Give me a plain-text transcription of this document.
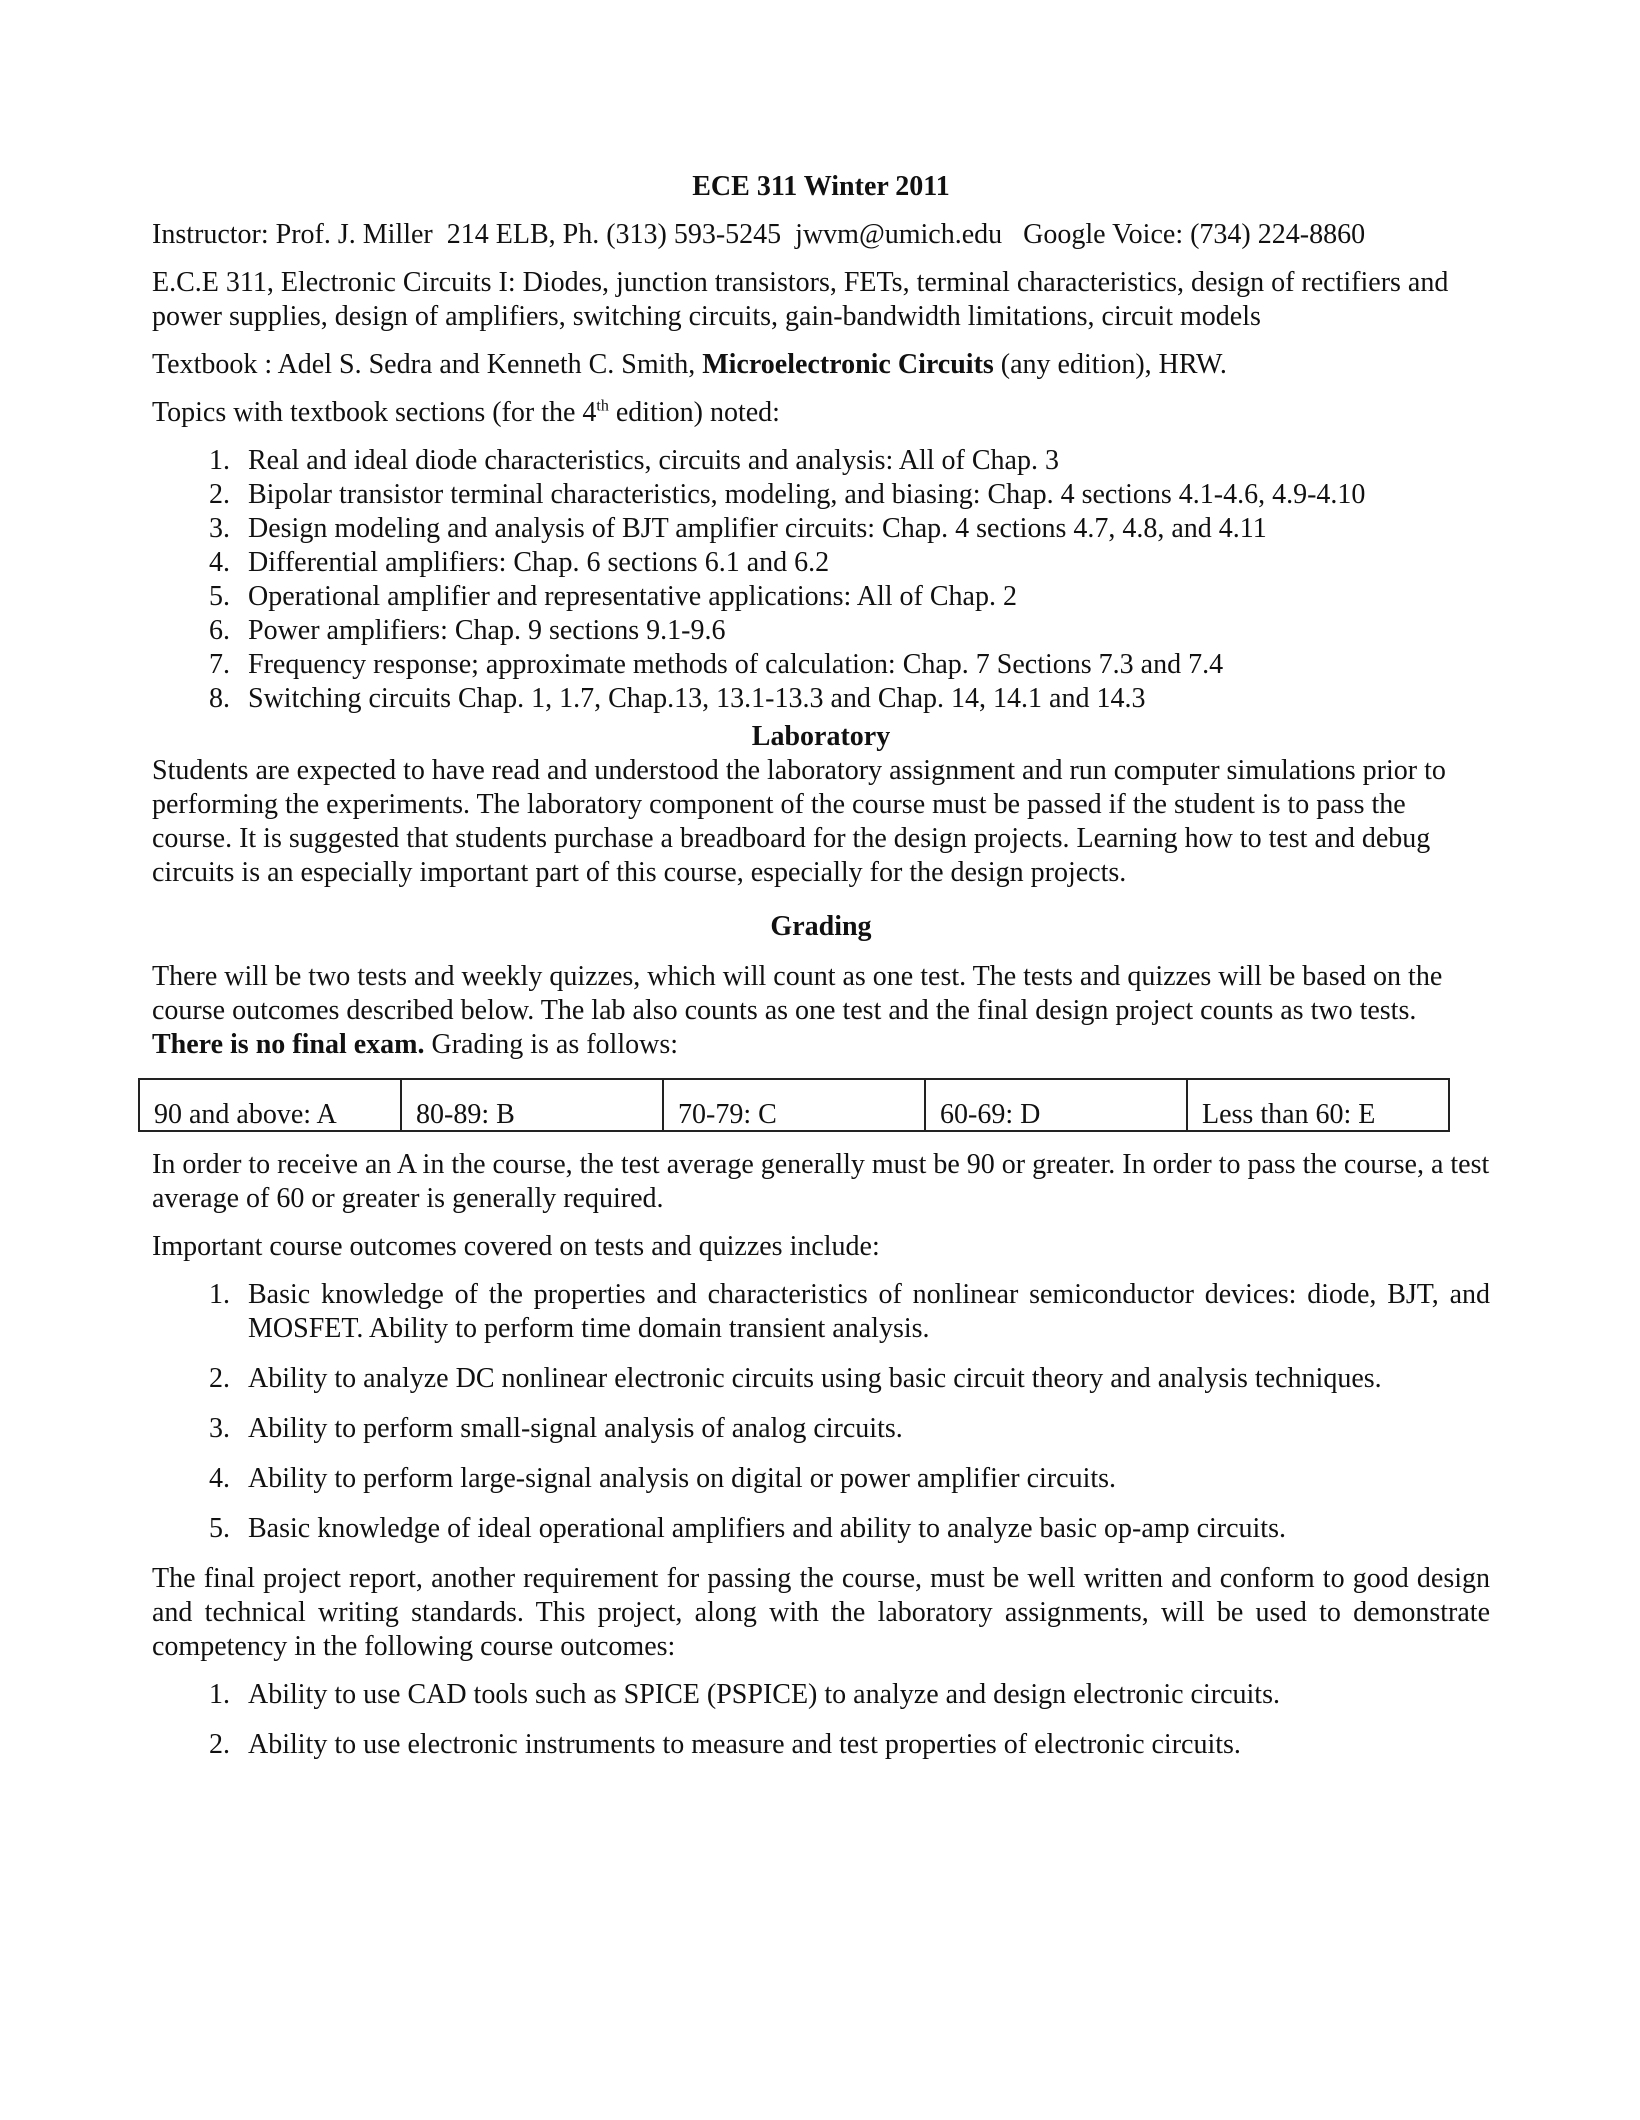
ECE 311 Winter 2011

Instructor: Prof. J. Miller  214 ELB, Ph. (313) 593-5245  jwvm@umich.edu   Google Voice: (734) 224-8860

E.C.E 311, Electronic Circuits I: Diodes, junction transistors, FETs, terminal characteristics, design of rectifiers and power supplies, design of amplifiers, switching circuits, gain-bandwidth limitations, circuit models

Textbook : Adel S. Sedra and Kenneth C. Smith, Microelectronic Circuits (any edition), HRW.

Topics with textbook sections (for the 4th edition) noted:

1. Real and ideal diode characteristics, circuits and analysis: All of Chap. 3
2. Bipolar transistor terminal characteristics, modeling, and biasing: Chap. 4 sections 4.1-4.6, 4.9-4.10
3. Design modeling and analysis of BJT amplifier circuits: Chap. 4 sections 4.7, 4.8, and 4.11
4. Differential amplifiers: Chap. 6 sections 6.1 and 6.2
5. Operational amplifier and representative applications: All of Chap. 2
6. Power amplifiers: Chap. 9 sections 9.1-9.6
7. Frequency response; approximate methods of calculation: Chap. 7 Sections 7.3 and 7.4
8. Switching circuits Chap. 1, 1.7, Chap.13, 13.1-13.3 and Chap. 14, 14.1 and 14.3
Laboratory

Students are expected to have read and understood the laboratory assignment and run computer simulations prior to performing the experiments. The laboratory component of the course must be passed if the student is to pass the course. It is suggested that students purchase a breadboard for the design projects. Learning how to test and debug circuits is an especially important part of this course, especially for the design projects.

Grading

There will be two tests and weekly quizzes, which will count as one test. The tests and quizzes will be based on the course outcomes described below. The lab also counts as one test and the final design project counts as two tests. There is no final exam. Grading is as follows:

90 and above: A	80-89: B	70-79: C	60-69: D	Less than 60: E

In order to receive an A in the course, the test average generally must be 90 or greater. In order to pass the course, a test average of 60 or greater is generally required.

Important course outcomes covered on tests and quizzes include:

1. Basic knowledge of the properties and characteristics of nonlinear semiconductor devices: diode, BJT, and MOSFET. Ability to perform time domain transient analysis.
2. Ability to analyze DC nonlinear electronic circuits using basic circuit theory and analysis techniques.
3. Ability to perform small-signal analysis of analog circuits.
4. Ability to perform large-signal analysis on digital or power amplifier circuits.
5. Basic knowledge of ideal operational amplifiers and ability to analyze basic op-amp circuits.

The final project report, another requirement for passing the course, must be well written and conform to good design and technical writing standards. This project, along with the laboratory assignments, will be used to demonstrate competency in the following course outcomes:

1. Ability to use CAD tools such as SPICE (PSPICE) to analyze and design electronic circuits.
2. Ability to use electronic instruments to measure and test properties of electronic circuits.
